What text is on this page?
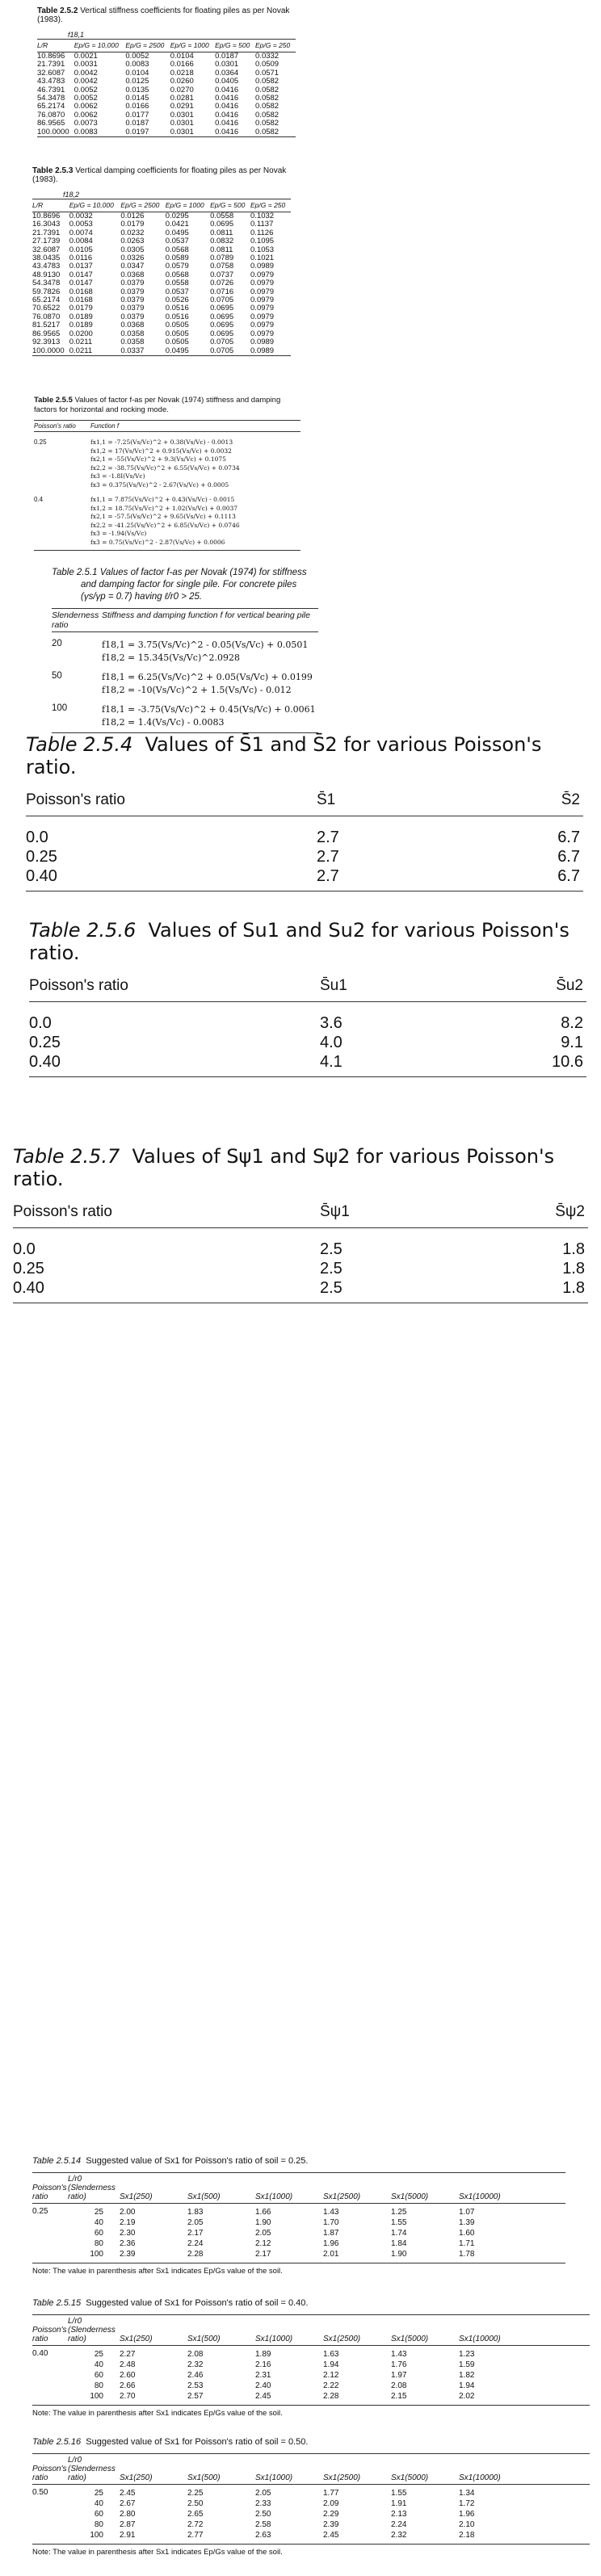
Table 2.5.2 Vertical stiffness coefficients for floating piles as per Novak (1983).
f18,1
L/R	Ep/G = 10,000	Ep/G = 2500	Ep/G = 1000	Ep/G = 500	Ep/G = 250
10.8696	0.0021	0.0052	0.0104	0.0187	0.0332
21.7391	0.0031	0.0083	0.0166	0.0301	0.0509
32.6087	0.0042	0.0104	0.0218	0.0364	0.0571
43.4783	0.0042	0.0125	0.0260	0.0405	0.0582
46.7391	0.0052	0.0135	0.0270	0.0416	0.0582
54.3478	0.0052	0.0145	0.0281	0.0416	0.0582
65.2174	0.0062	0.0166	0.0291	0.0416	0.0582
76.0870	0.0062	0.0177	0.0301	0.0416	0.0582
86.9565	0.0073	0.0187	0.0301	0.0416	0.0582
100.0000	0.0083	0.0197	0.0301	0.0416	0.0582
Table 2.5.3 Vertical damping coefficients for floating piles as per Novak (1983).
f18,2
L/R	Ep/G = 10,000	Ep/G = 2500	Ep/G = 1000	Ep/G = 500	Ep/G = 250
10.8696	0.0032	0.0126	0.0295	0.0558	0.1032
16.3043	0.0053	0.0179	0.0421	0.0695	0.1137
21.7391	0.0074	0.0232	0.0495	0.0811	0.1126
27.1739	0.0084	0.0263	0.0537	0.0832	0.1095
32.6087	0.0105	0.0305	0.0568	0.0811	0.1053
38.0435	0.0116	0.0326	0.0589	0.0789	0.1021
43.4783	0.0137	0.0347	0.0579	0.0758	0.0989
48.9130	0.0147	0.0368	0.0568	0.0737	0.0979
54.3478	0.0147	0.0379	0.0558	0.0726	0.0979
59.7826	0.0168	0.0379	0.0537	0.0716	0.0979
65.2174	0.0168	0.0379	0.0526	0.0705	0.0979
70.6522	0.0179	0.0379	0.0516	0.0695	0.0979
76.0870	0.0189	0.0379	0.0516	0.0695	0.0979
81.5217	0.0189	0.0368	0.0505	0.0695	0.0979
86.9565	0.0200	0.0358	0.0505	0.0695	0.0979
92.3913	0.0211	0.0358	0.0505	0.0705	0.0989
100.0000	0.0211	0.0337	0.0495	0.0705	0.0989
Table 2.5.5 Values of factor f-as per Novak (1974) stiffness and damping factors for horizontal and rocking mode.
Poisson's ratio	Function f
0.25	fx1,1 = -7.25(Vs/Vc)^2 + 0.38(Vs/Vc) - 0.0013
fx1,2 = 17(Vs/Vc)^2 + 0.915(Vs/Vc) + 0.0032
fx2,1 = -55(Vs/Vc)^2 + 9.3(Vs/Vc) + 0.1075
fx2,2 = -38.75(Vs/Vc)^2 + 6.55(Vs/Vc) + 0.0734
fx3 = -1.8I(Vs/Vc)
fx3 = 0.375(Vs/Vc)^2 - 2.67(Vs/Vc) + 0.0005
0.4	fx1,1 = 7.875(Vs/Vc)^2 + 0.43(Vs/Vc) - 0.0015
fx1,2 = 18.75(Vs/Vc)^2 + 1.02(Vs/Vc) + 0.0037
fx2,1 = -57.5(Vs/Vc)^2 + 9.65(Vs/Vc) + 0.1113
fx2,2 = -41.25(Vs/Vc)^2 + 6.85(Vs/Vc) + 0.0746
fx3 = -1.94(Vs/Vc)
fx3 = 0.75(Vs/Vc)^2 - 2.87(Vs/Vc) + 0.0006
Table 2.5.1 Values of factor f-as per Novak (1974) for stiffness
and damping factor for single pile. For concrete piles
(γs/γp = 0.7) having ℓ/r0 > 25.
Slenderness ratio
Stiffness and damping function f for vertical bearing pile
20	f18,1 = 3.75(Vs/Vc)^2 - 0.05(Vs/Vc) + 0.0501
f18,2 = 15.345(Vs/Vc)^2.0928
50	f18,1 = 6.25(Vs/Vc)^2 + 0.05(Vs/Vc) + 0.0199
f18,2 = -10(Vs/Vc)^2 + 1.5(Vs/Vc) - 0.012
100	f18,1 = -3.75(Vs/Vc)^2 + 0.45(Vs/Vc) + 0.0061
f18,2 = 1.4(Vs/Vc) - 0.0083
Table 2.5.4 Values of S̄1 and S̄2 for various Poisson's ratio.
Poisson's ratio	S̄1	S̄2
0.0	2.7	6.7
0.25	2.7	6.7
0.40	2.7	6.7
Table 2.5.6 Values of Su1 and Su2 for various Poisson's ratio.
Poisson's ratio	S̄u1	S̄u2
0.0	3.6	8.2
0.25	4.0	9.1
0.40	4.1	10.6
Table 2.5.7 Values of Sψ1 and Sψ2 for various Poisson's ratio.
Poisson's ratio	S̄ψ1	S̄ψ2
0.0	2.5	1.8
0.25	2.5	1.8
0.40	2.5	1.8
Table 2.5.14 Suggested value of Sx1 for Poisson's ratio of soil = 0.25.
Poisson's ratio
L/r0 (Slenderness ratio)	Sx1(250)	Sx1(500)	Sx1(1000)	Sx1(2500)	Sx1(5000)	Sx1(10000)
0.25	25	2.00	1.83	1.66	1.43	1.25	1.07
40	2.19	2.05	1.90	1.70	1.55	1.39
60	2.30	2.17	2.05	1.87	1.74	1.60
80	2.36	2.24	2.12	1.96	1.84	1.71
100	2.39	2.28	2.17	2.01	1.90	1.78
Note: The value in parenthesis after Sx1 indicates Ep/Gs value of the soil.
Table 2.5.15 Suggested value of Sx1 for Poisson's ratio of soil = 0.40.
Poisson's ratio
L/r0 (Slenderness ratio)	Sx1(250)	Sx1(500)	Sx1(1000)	Sx1(2500)	Sx1(5000)	Sx1(10000)
0.40	25	2.27	2.08	1.89	1.63	1.43	1.23
40	2.48	2.32	2.16	1.94	1.76	1.59
60	2.60	2.46	2.31	2.12	1.97	1.82
80	2.66	2.53	2.40	2.22	2.08	1.94
100	2.70	2.57	2.45	2.28	2.15	2.02
Note: The value in parenthesis after Sx1 indicates Ep/Gs value of the soil.
Table 2.5.16 Suggested value of Sx1 for Poisson's ratio of soil = 0.50.
Poisson's ratio
L/r0 (Slenderness ratio)	Sx1(250)	Sx1(500)	Sx1(1000)	Sx1(2500)	Sx1(5000)	Sx1(10000)
0.50	25	2.45	2.25	2.05	1.77	1.55	1.34
40	2.67	2.50	2.33	2.09	1.91	1.72
60	2.80	2.65	2.50	2.29	2.13	1.96
80	2.87	2.72	2.58	2.39	2.24	2.10
100	2.91	2.77	2.63	2.45	2.32	2.18
Note: The value in parenthesis after Sx1 indicates Ep/Gs value of the soil.
